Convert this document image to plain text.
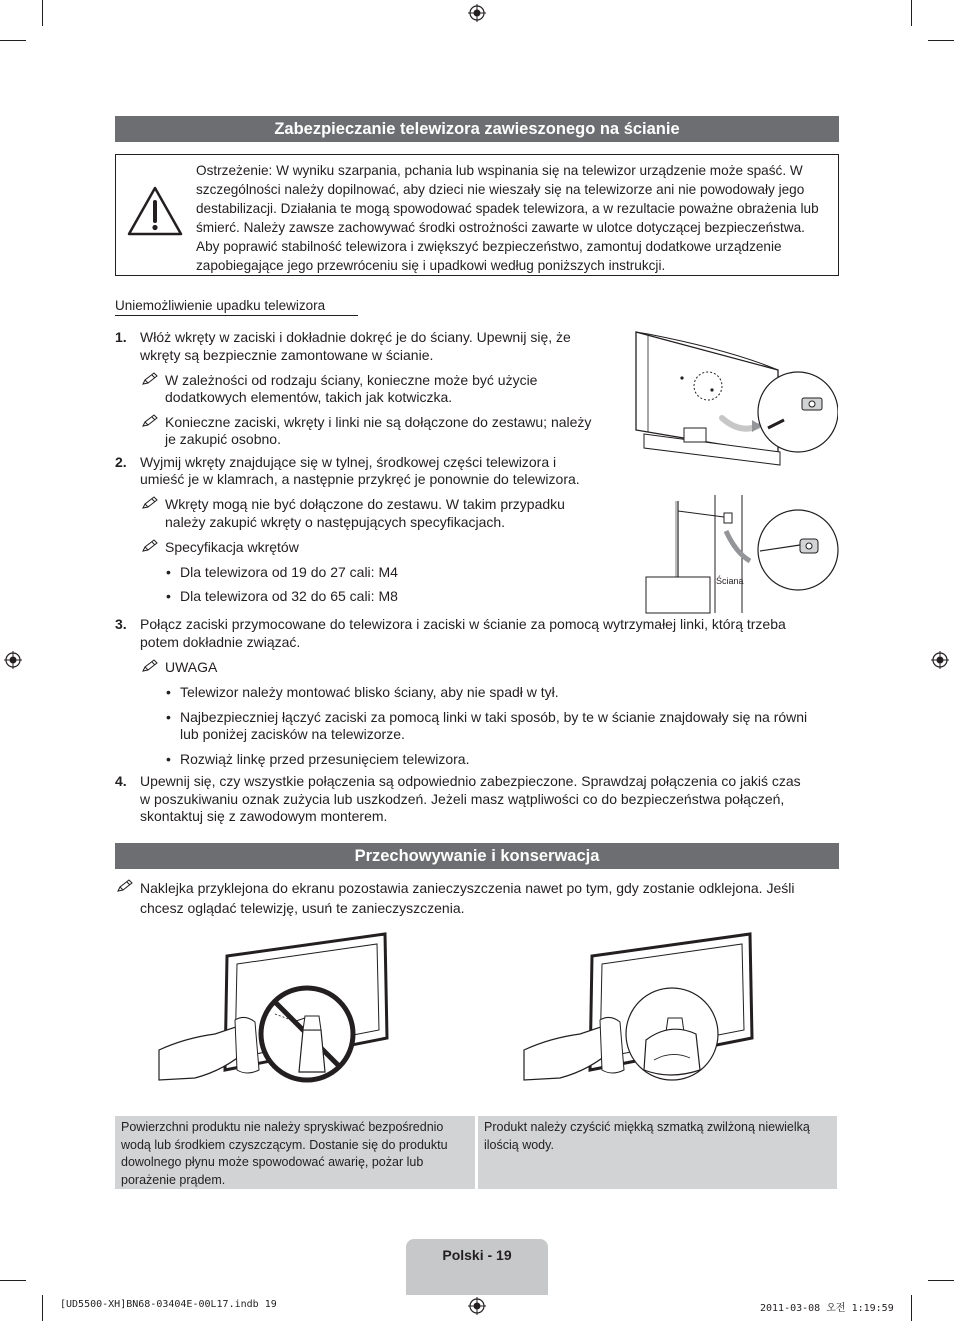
Zabezpieczanie telewizora zawieszonego na ścianie
Ostrzeżenie: W wyniku szarpania, pchania lub wspinania się na telewizor urządzenie może spaść. W szczególności należy dopilnować, aby dzieci nie wieszały się na telewizorze ani nie powodowały jego destabilizacji. Działania te mogą spowodować spadek telewizora, a w rezultacie poważne obrażenia lub śmierć. Należy zawsze zachowywać środki ostrożności zawarte w ulotce dotyczącej bezpieczeństwa. Aby poprawić stabilność telewizora i zwiększyć bezpieczeństwo, zamontuj dodatkowe urządzenie zapobiegające jego przewróceniu się i upadkowi według poniższych instrukcji.
Uniemożliwienie upadku telewizora
1. Włóż wkręty w zaciski i dokładnie dokręć je do ściany. Upewnij się, że
wkręty są bezpiecznie zamontowane w ścianie.
W zależności od rodzaju ściany, konieczne może być użycie
dodatkowych elementów, takich jak kotwiczka.
Konieczne zaciski, wkręty i linki nie są dołączone do zestawu; należy
je zakupić osobno.
2. Wyjmij wkręty znajdujące się w tylnej, środkowej części telewizora i
umieść je w klamrach, a następnie przykręć je ponownie do telewizora.
Wkręty mogą nie być dołączone do zestawu. W takim przypadku
należy zakupić wkręty o następujących specyfikacjach.
Specyfikacja wkrętów
• Dla telewizora od 19 do 27 cali: M4
• Dla telewizora od 32 do 65 cali: M8
Ściana
3. Połącz zaciski przymocowane do telewizora i zaciski w ścianie za pomocą wytrzymałej linki, którą trzeba
potem dokładnie związać.
UWAGA
• Telewizor należy montować blisko ściany, aby nie spadł w tył.
• Najbezpieczniej łączyć zaciski za pomocą linki w taki sposób, by te w ścianie znajdowały się na równi
lub poniżej zacisków na telewizorze.
• Rozwiąż linkę przed przesunięciem telewizora.
4. Upewnij się, czy wszystkie połączenia są odpowiednio zabezpieczone. Sprawdzaj połączenia co jakiś czas
w poszukiwaniu oznak zużycia lub uszkodzeń. Jeżeli masz wątpliwości co do bezpieczeństwa połączeń,
skontaktuj się z zawodowym monterem.
Przechowywanie i konserwacja
Naklejka przyklejona do ekranu pozostawia zanieczyszczenia nawet po tym, gdy zostanie odklejona. Jeśli
chcesz oglądać telewizję, usuń te zanieczyszczenia.
Powierzchni produktu nie należy spryskiwać bezpośrednio wodą lub środkiem czyszczącym. Dostanie się do produktu dowolnego płynu może spowodować awarię, pożar lub porażenie prądem.
Produkt należy czyścić miękką szmatką zwilżoną niewielką ilością wody.
Polski - 19
[UD5500-XH]BN68-03404E-00L17.indb 19	2011-03-08 오전 1:19:59
